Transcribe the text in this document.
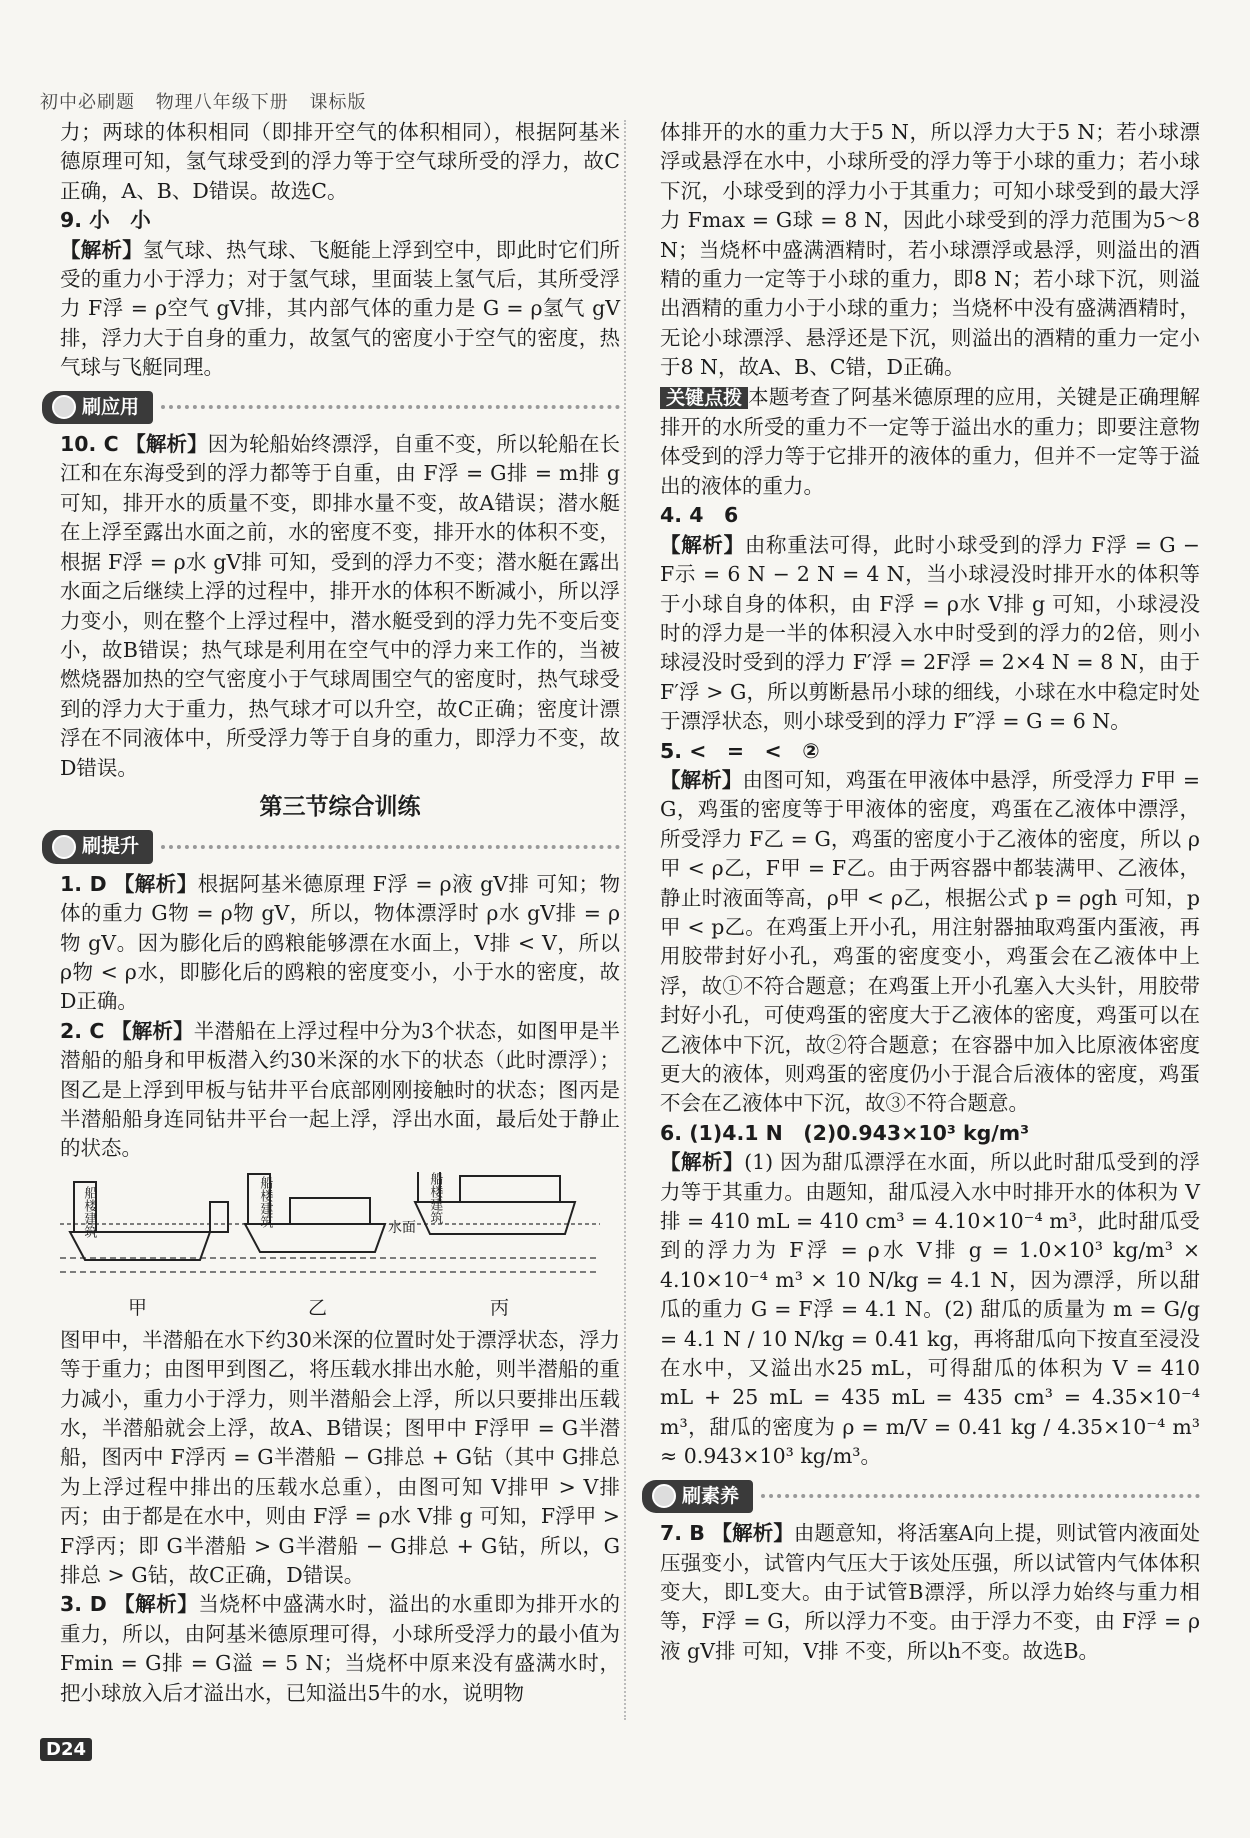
初中必刷题 物理八年级下册 课标版

力；两球的体积相同（即排开空气的体积相同），根据阿基米德原理可知，氢气球受到的浮力等于空气球所受的浮力，故C正确，A、B、D错误。故选C。

9. 小　小
【解析】氢气球、热气球、飞艇能上浮到空中，即此时它们所受的重力小于浮力；对于氢气球，里面装上氢气后，其所受浮力 F浮 = ρ空气 gV排，其内部气体的重力是 G = ρ氢气 gV排，浮力大于自身的重力，故氢气的密度小于空气的密度，热气球与飞艇同理。

刷应用

10. C 【解析】因为轮船始终漂浮，自重不变，所以轮船在长江和在东海受到的浮力都等于自重，由 F浮 = G排 = m排 g 可知，排开水的质量不变，即排水量不变，故A错误；潜水艇在上浮至露出水面之前，水的密度不变，排开水的体积不变，根据 F浮 = ρ水 gV排 可知，受到的浮力不变；潜水艇在露出水面之后继续上浮的过程中，排开水的体积不断减小，所以浮力变小，则在整个上浮过程中，潜水艇受到的浮力先不变后变小，故B错误；热气球是利用在空气中的浮力来工作的，当被燃烧器加热的空气密度小于气球周围空气的密度时，热气球受到的浮力大于重力，热气球才可以升空，故C正确；密度计漂浮在不同液体中，所受浮力等于自身的重力，即浮力不变，故D错误。

第三节综合训练
刷提升

1. D 【解析】根据阿基米德原理 F浮 = ρ液 gV排 可知；物体的重力 G物 = ρ物 gV，所以，物体漂浮时 ρ水 gV排 = ρ物 gV。因为膨化后的鸥粮能够漂在水面上，V排 < V，所以 ρ物 < ρ水，即膨化后的鸥粮的密度变小，小于水的密度，故D正确。

2. C 【解析】半潜船在上浮过程中分为3个状态，如图甲是半潜船的船身和甲板潜入约30米深的水下的状态（此时漂浮）；图乙是上浮到甲板与钻井平台底部刚刚接触时的状态；图丙是半潜船船身连同钻井平台一起上浮，浮出水面，最后处于静止的状态。

船楼建筑	船楼建筑	船楼建筑
水面
甲	乙	丙

图甲中，半潜船在水下约30米深的位置时处于漂浮状态，浮力等于重力；由图甲到图乙，将压载水排出水舱，则半潜船的重力减小，重力小于浮力，则半潜船会上浮，所以只要排出压载水，半潜船就会上浮，故A、B错误；图甲中 F浮甲 = G半潜船，图丙中 F浮丙 = G半潜船 − G排总 + G钻（其中 G排总为上浮过程中排出的压载水总重），由图可知 V排甲 > V排丙；由于都是在水中，则由 F浮 = ρ水 V排 g 可知，F浮甲 > F浮丙；即 G半潜船 > G半潜船 − G排总 + G钻，所以，G排总 > G钻，故C正确，D错误。

3. D 【解析】当烧杯中盛满水时，溢出的水重即为排开水的重力，所以，由阿基米德原理可得，小球所受浮力的最小值为 Fmin = G排 = G溢 = 5 N；当烧杯中原来没有盛满水时，把小球放入后才溢出水，已知溢出5牛的水，说明物

体排开的水的重力大于5 N，所以浮力大于5 N；若小球漂浮或悬浮在水中，小球所受的浮力等于小球的重力；若小球下沉，小球受到的浮力小于其重力；可知小球受到的最大浮力 Fmax = G球 = 8 N，因此小球受到的浮力范围为5～8 N；当烧杯中盛满酒精时，若小球漂浮或悬浮，则溢出的酒精的重力一定等于小球的重力，即8 N；若小球下沉，则溢出酒精的重力小于小球的重力；当烧杯中没有盛满酒精时，无论小球漂浮、悬浮还是下沉，则溢出的酒精的重力一定小于8 N，故A、B、C错，D正确。

关键点拨 本题考查了阿基米德原理的应用，关键是正确理解排开的水所受的重力不一定等于溢出水的重力；即要注意物体受到的浮力等于它排开的液体的重力，但并不一定等于溢出的液体的重力。

4. 4　6
【解析】由称重法可得，此时小球受到的浮力 F浮 = G − F示 = 6 N − 2 N = 4 N，当小球浸没时排开水的体积等于小球自身的体积，由 F浮 = ρ水 V排 g 可知，小球浸没时的浮力是一半的体积浸入水中时受到的浮力的2倍，则小球浸没时受到的浮力 F′浮 = 2F浮 = 2×4 N = 8 N，由于 F′浮 > G，所以剪断悬吊小球的细线，小球在水中稳定时处于漂浮状态，则小球受到的浮力 F″浮 = G = 6 N。

5. <　=　<　②
【解析】由图可知，鸡蛋在甲液体中悬浮，所受浮力 F甲 = G，鸡蛋的密度等于甲液体的密度，鸡蛋在乙液体中漂浮，所受浮力 F乙 = G，鸡蛋的密度小于乙液体的密度，所以 ρ甲 < ρ乙，F甲 = F乙。由于两容器中都装满甲、乙液体，静止时液面等高，ρ甲 < ρ乙，根据公式 p = ρgh 可知，p甲 < p乙。在鸡蛋上开小孔，用注射器抽取鸡蛋内蛋液，再用胶带封好小孔，鸡蛋的密度变小，鸡蛋会在乙液体中上浮，故①不符合题意；在鸡蛋上开小孔塞入大头针，用胶带封好小孔，可使鸡蛋的密度大于乙液体的密度，鸡蛋可以在乙液体中下沉，故②符合题意；在容器中加入比原液体密度更大的液体，则鸡蛋的密度仍小于混合后液体的密度，鸡蛋不会在乙液体中下沉，故③不符合题意。

6. (1)4.1 N　(2)0.943×10³ kg/m³
【解析】(1) 因为甜瓜漂浮在水面，所以此时甜瓜受到的浮力等于其重力。由题知，甜瓜浸入水中时排开水的体积为 V排 = 410 mL = 410 cm³ = 4.10×10⁻⁴ m³，此时甜瓜受到的浮力为 F浮 = ρ水 V排 g = 1.0×10³ kg/m³ × 4.10×10⁻⁴ m³ × 10 N/kg = 4.1 N，因为漂浮，所以甜瓜的重力 G = F浮 = 4.1 N。(2) 甜瓜的质量为 m = G/g = 4.1 N / 10 N/kg = 0.41 kg，再将甜瓜向下按直至浸没在水中，又溢出水25 mL，可得甜瓜的体积为 V = 410 mL + 25 mL = 435 mL = 435 cm³ = 4.35×10⁻⁴ m³，甜瓜的密度为 ρ = m/V = 0.41 kg / 4.35×10⁻⁴ m³ ≈ 0.943×10³ kg/m³。

刷素养

7. B 【解析】由题意知，将活塞A向上提，则试管内液面处压强变小，试管内气压大于该处压强，所以试管内气体体积变大，即L变大。由于试管B漂浮，所以浮力始终与重力相等，F浮 = G，所以浮力不变。由于浮力不变，由 F浮 = ρ液 gV排 可知，V排 不变，所以h不变。故选B。

D24
